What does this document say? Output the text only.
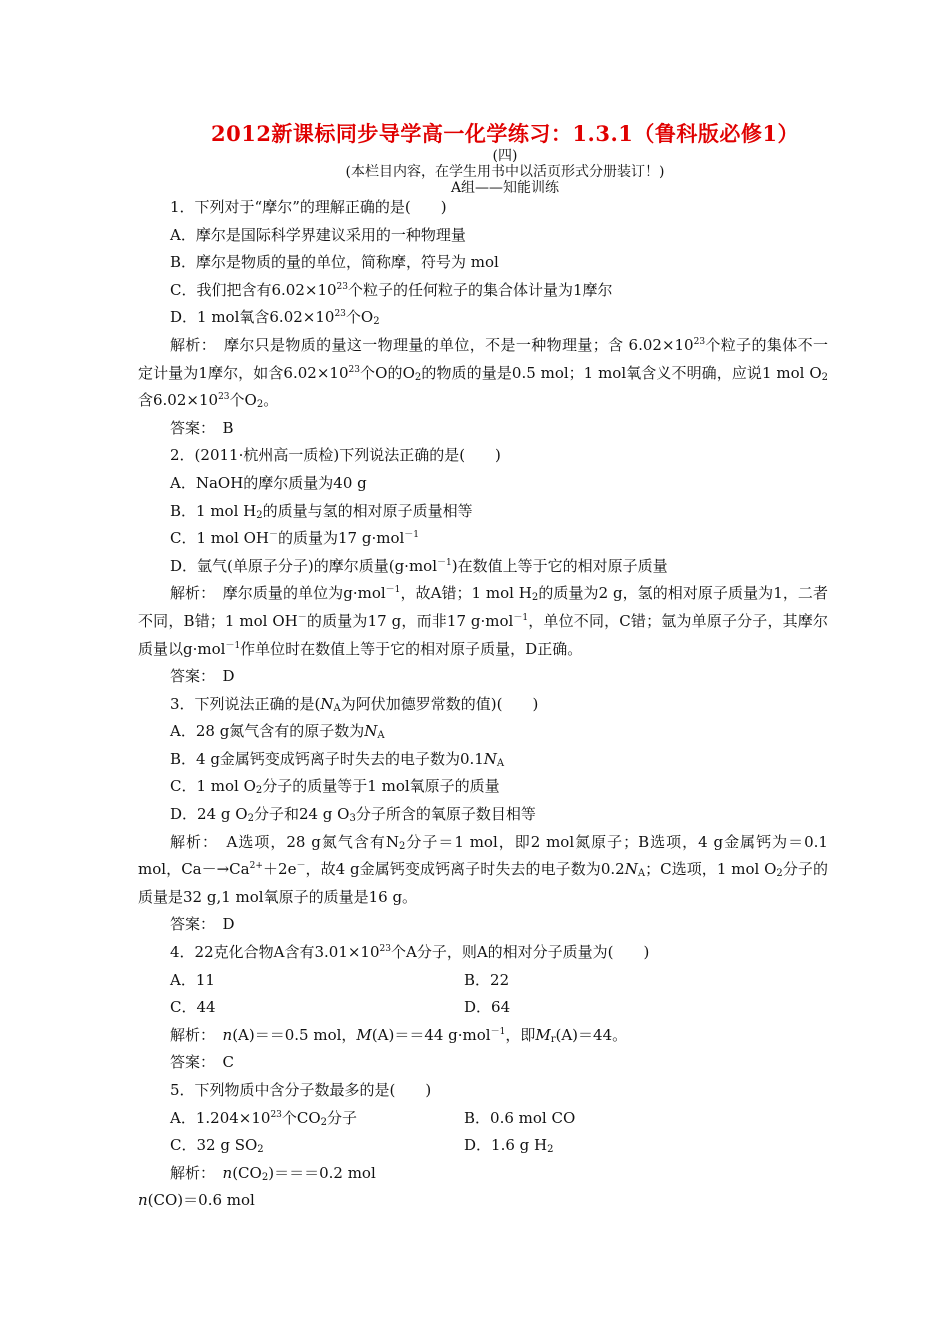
2012新课标同步导学高一化学练习：1.3.1（鲁科版必修1）
(四)
(本栏目内容，在学生用书中以活页形式分册装订！)
A组——知能训练

1．下列对于“摩尔”的理解正确的是(　　)

A．摩尔是国际科学界建议采用的一种物理量

B．摩尔是物质的量的单位，简称摩，符号为 mol

C．我们把含有$6.02\times 10^{23}$个粒子的任何粒子的集合体计量为1摩尔

D．1 mol氧含$6.02\times 10^{23}$个$O_2$

解析：　摩尔只是物质的量这一物理量的单位，不是一种物理量；含 $6.02\times 10^{23}$个粒子的集体不一定计量为1摩尔，如含$6.02\times 10^{23}$个O的$O_2$的物质的量是0.5 mol；1 mol氧含义不明确，应说1 mol $O_2$含$6.02\times 10^{23}$个$O_2$。

答案：　B

2．(2011·杭州高一质检)下列说法正确的是(　　)

A．NaOH的摩尔质量为40 g

B．1 mol $H_2$的质量与氢的相对原子质量相等

C．1 mol OH－的质量为17 g·mol$^{-1}$

D．氩气(单原子分子)的摩尔质量(g·mol$^{-1}$)在数值上等于它的相对原子质量

解析：　摩尔质量的单位为g·mol$^{-1}$，故A错；1 mol $H_2$的质量为2 g，氢的相对原子质量为1，二者不同，B错；1 mol OH－的质量为17 g，而非17 g·mol$^{-1}$，单位不同，C错；氩为单原子分子，其摩尔质量以g·mol$^{-1}$作单位时在数值上等于它的相对原子质量，D正确。

答案：　D

3．下列说法正确的是($N_A$为阿伏加德罗常数的值)(　　)

A．28 g氮气含有的原子数为$N_A$

B．4 g金属钙变成钙离子时失去的电子数为$0.1N_A$

C．1 mol $O_2$分子的质量等于1 mol氧原子的质量

D．24 g $O_2$分子和24 g $O_3$分子所含的氧原子数目相等

解析：　A选项，28 g氮气含有$N_2$分子＝1 mol，即2 mol氮原子；B选项，4 g金属钙为＝0.1 mol，$Ca-\to Ca^{2+}+2e^-$，故4 g金属钙变成钙离子时失去的电子数为$0.2N_A$；C选项，1 mol $O_2$分子的质量是32 g,1 mol氧原子的质量是16 g。

答案：　D

4．22克化合物A含有$3.01\times 10^{23}$个A分子，则A的相对分子质量为(　　)

A．11	B．22
C．44	D．64

解析：　 n(A)＝＝0.5 mol，M(A)＝＝44 g·mol$^{-1}$，即$M_r(A)=44$。

答案：　C

5．下列物质中含分子数最多的是(　　)

A．$1.204\times 10^{23}$个$CO_2$分子	B．0.6 mol CO
C．32 g $SO_2$	D．1.6 g $H_2$

解析：　 $n(CO_2)===0.2$ mol

n(CO)＝0.6 mol
